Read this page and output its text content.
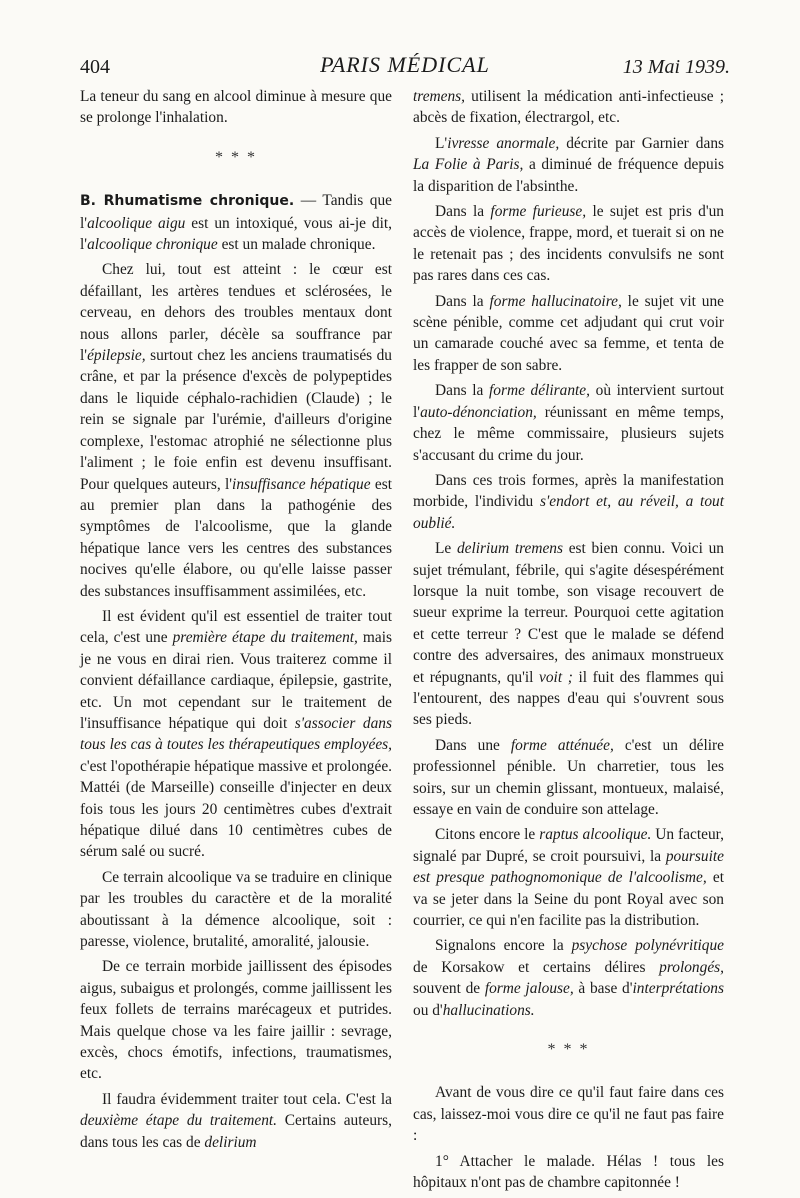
404	PARIS MÉDICAL	13 Mai 1939.

La teneur du sang en alcool diminue à mesure que se prolonge l'inhalation.

* * *

B. Rhumatisme chronique. — Tandis que l'alcoolique aigu est un intoxiqué, vous ai-je dit, l'alcoolique chronique est un malade chronique.

Chez lui, tout est atteint : le cœur est défaillant, les artères tendues et sclérosées, le cerveau, en dehors des troubles mentaux dont nous allons parler, décèle sa souffrance par l'épilepsie, surtout chez les anciens traumatisés du crâne, et par la présence d'excès de polypeptides dans le liquide céphalo-rachidien (Claude) ; le rein se signale par l'urémie, d'ailleurs d'origine complexe, l'estomac atrophié ne sélectionne plus l'aliment ; le foie enfin est devenu insuffisant. Pour quelques auteurs, l'insuffisance hépatique est au premier plan dans la pathogénie des symptômes de l'alcoolisme, que la glande hépatique lance vers les centres des substances nocives qu'elle élabore, ou qu'elle laisse passer des substances insuffisamment assimilées, etc.

Il est évident qu'il est essentiel de traiter tout cela, c'est une première étape du traitement, mais je ne vous en dirai rien. Vous traiterez comme il convient défaillance cardiaque, épilepsie, gastrite, etc. Un mot cependant sur le traitement de l'insuffisance hépatique qui doit s'associer dans tous les cas à toutes les thérapeutiques employées, c'est l'opothérapie hépatique massive et prolongée. Mattéi (de Marseille) conseille d'injecter en deux fois tous les jours 20 centimètres cubes d'extrait hépatique dilué dans 10 centimètres cubes de sérum salé ou sucré.

Ce terrain alcoolique va se traduire en clinique par les troubles du caractère et de la moralité aboutissant à la démence alcoolique, soit : paresse, violence, brutalité, amoralité, jalousie.

De ce terrain morbide jaillissent des épisodes aigus, subaigus et prolongés, comme jaillissent les feux follets de terrains marécageux et putrides. Mais quelque chose va les faire jaillir : sevrage, excès, chocs émotifs, infections, traumatismes, etc.

Il faudra évidemment traiter tout cela. C'est la deuxième étape du traitement. Certains auteurs, dans tous les cas de delirium

tremens, utilisent la médication anti-infectieuse ; abcès de fixation, électrargol, etc.

L'ivresse anormale, décrite par Garnier dans La Folie à Paris, a diminué de fréquence depuis la disparition de l'absinthe.

Dans la forme furieuse, le sujet est pris d'un accès de violence, frappe, mord, et tuerait si on ne le retenait pas ; des incidents convulsifs ne sont pas rares dans ces cas.

Dans la forme hallucinatoire, le sujet vit une scène pénible, comme cet adjudant qui crut voir un camarade couché avec sa femme, et tenta de les frapper de son sabre.

Dans la forme délirante, où intervient surtout l'auto-dénonciation, réunissant en même temps, chez le même commissaire, plusieurs sujets s'accusant du crime du jour.

Dans ces trois formes, après la manifestation morbide, l'individu s'endort et, au réveil, a tout oublié.

Le delirium tremens est bien connu. Voici un sujet trémulant, fébrile, qui s'agite désespérément lorsque la nuit tombe, son visage recouvert de sueur exprime la terreur. Pourquoi cette agitation et cette terreur ? C'est que le malade se défend contre des adversaires, des animaux monstrueux et répugnants, qu'il voit ; il fuit des flammes qui l'entourent, des nappes d'eau qui s'ouvrent sous ses pieds.

Dans une forme atténuée, c'est un délire professionnel pénible. Un charretier, tous les soirs, sur un chemin glissant, montueux, malaisé, essaye en vain de conduire son attelage.

Citons encore le raptus alcoolique. Un facteur, signalé par Dupré, se croit poursuivi, la poursuite est presque pathognomonique de l'alcoolisme, et va se jeter dans la Seine du pont Royal avec son courrier, ce qui n'en facilite pas la distribution.

Signalons encore la psychose polynévritique de Korsakow et certains délires prolongés, souvent de forme jalouse, à base d'interprétations ou d'hallucinations.

* * *

Avant de vous dire ce qu'il faut faire dans ces cas, laissez-moi vous dire ce qu'il ne faut pas faire :

1° Attacher le malade. Hélas ! tous les hôpitaux n'ont pas de chambre capitonnée !
